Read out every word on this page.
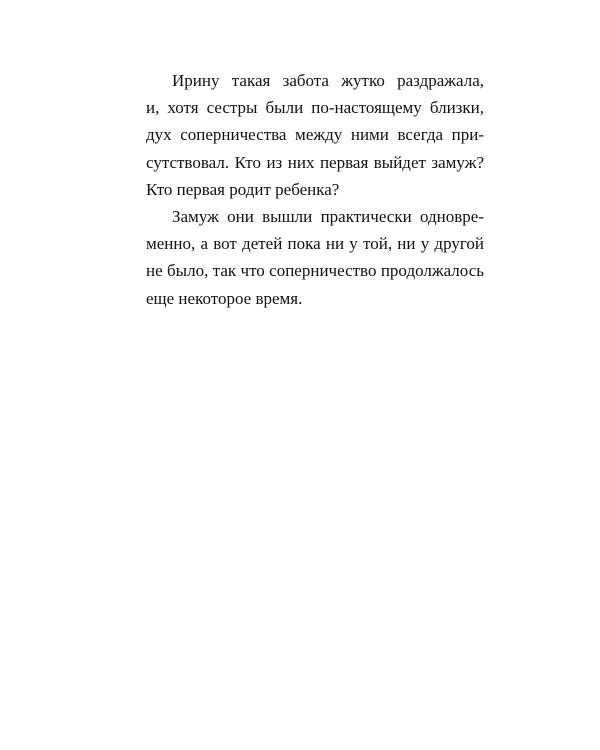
Ирину такая забота жутко раздражала,
и, хотя сестры были по-настоящему близки,
дух соперничества между ними всегда при-
сутствовал. Кто из них первая выйдет замуж?
Кто первая родит ребенка?

Замуж они вышли практически одновре-
менно, а вот детей пока ни у той, ни у другой
не было, так что соперничество продолжалось
еще некоторое время.
